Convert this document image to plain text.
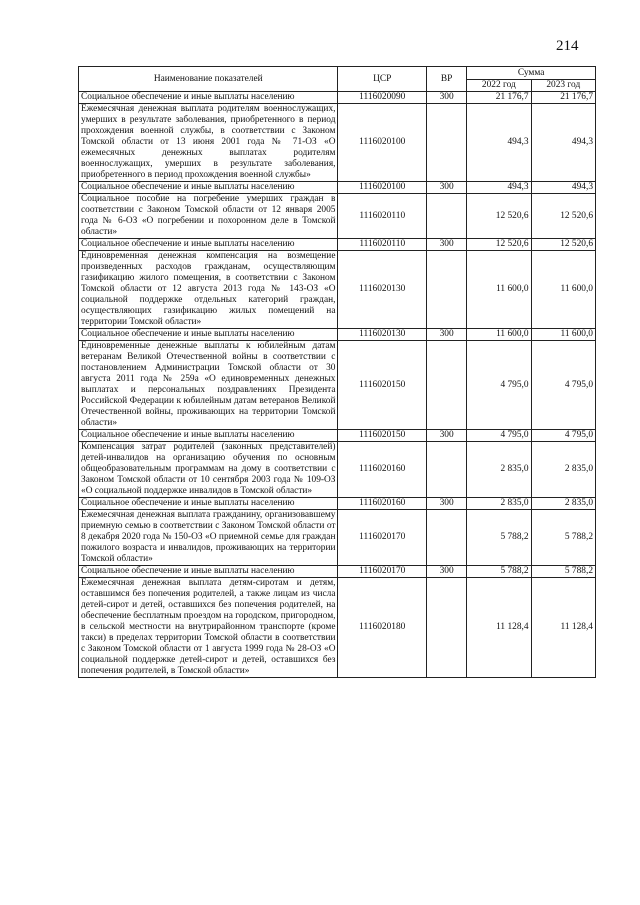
214
Наименование показателей	ЦСР	ВР	Сумма	
			2022 год	2023 год
Социальное обеспечение и иные выплаты населению	1116020090	300	21 176,7	21 176,7
Ежемесячная денежная выплата родителям военнослужащих, умерших в результате заболевания, приобретенного в период прохождения военной службы, в соответствии с Законом Томской области от 13 июня 2001 года № 71-ОЗ «О ежемесячных денежных выплатах родителям военнослужащих, умерших в результате заболевания, приобретенного в период прохождения военной службы»	1116020100		494,3	494,3
Социальное обеспечение и иные выплаты населению	1116020100	300	494,3	494,3
Социальное пособие на погребение умерших граждан в соответствии с Законом Томской области от 12 января 2005 года № 6-ОЗ «О погребении и похоронном деле в Томской области»	1116020110		12 520,6	12 520,6
Социальное обеспечение и иные выплаты населению	1116020110	300	12 520,6	12 520,6
Единовременная денежная компенсация на возмещение произведенных расходов гражданам, осуществляющим газификацию жилого помещения, в соответствии с Законом Томской области от 12 августа 2013 года № 143-ОЗ «О социальной поддержке отдельных категорий граждан, осуществляющих газификацию жилых помещений на территории Томской области»	1116020130		11 600,0	11 600,0
Социальное обеспечение и иные выплаты населению	1116020130	300	11 600,0	11 600,0
Единовременные денежные выплаты к юбилейным датам ветеранам Великой Отечественной войны в соответствии с постановлением Администрации Томской области от 30 августа 2011 года № 259а «О единовременных денежных выплатах и персональных поздравлениях Президента Российской Федерации к юбилейным датам ветеранов Великой Отечественной войны, проживающих на территории Томской области»	1116020150		4 795,0	4 795,0
Социальное обеспечение и иные выплаты населению	1116020150	300	4 795,0	4 795,0
Компенсация затрат родителей (законных представителей) детей-инвалидов на организацию обучения по основным общеобразовательным программам на дому в соответствии с Законом Томской области от 10 сентября 2003 года № 109-ОЗ «О социальной поддержке инвалидов в Томской области»	1116020160		2 835,0	2 835,0
Социальное обеспечение и иные выплаты населению	1116020160	300	2 835,0	2 835,0
Ежемесячная денежная выплата гражданину, организовавшему приемную семью в соответствии с Законом Томской области от 8 декабря 2020 года № 150-ОЗ «О приемной семье для граждан пожилого возраста и инвалидов, проживающих на территории Томской области»	1116020170		5 788,2	5 788,2
Социальное обеспечение и иные выплаты населению	1116020170	300	5 788,2	5 788,2
Ежемесячная денежная выплата детям-сиротам и детям, оставшимся без попечения родителей, а также лицам из числа детей-сирот и детей, оставшихся без попечения родителей, на обеспечение бесплатным проездом на городском, пригородном, в сельской местности на внутрирайонном транспорте (кроме такси) в пределах территории Томской области в соответствии с Законом Томской области от 1 августа 1999 года № 28-ОЗ «О социальной поддержке детей-сирот и детей, оставшихся без попечения родителей, в Томской области»	1116020180		11 128,4	11 128,4
